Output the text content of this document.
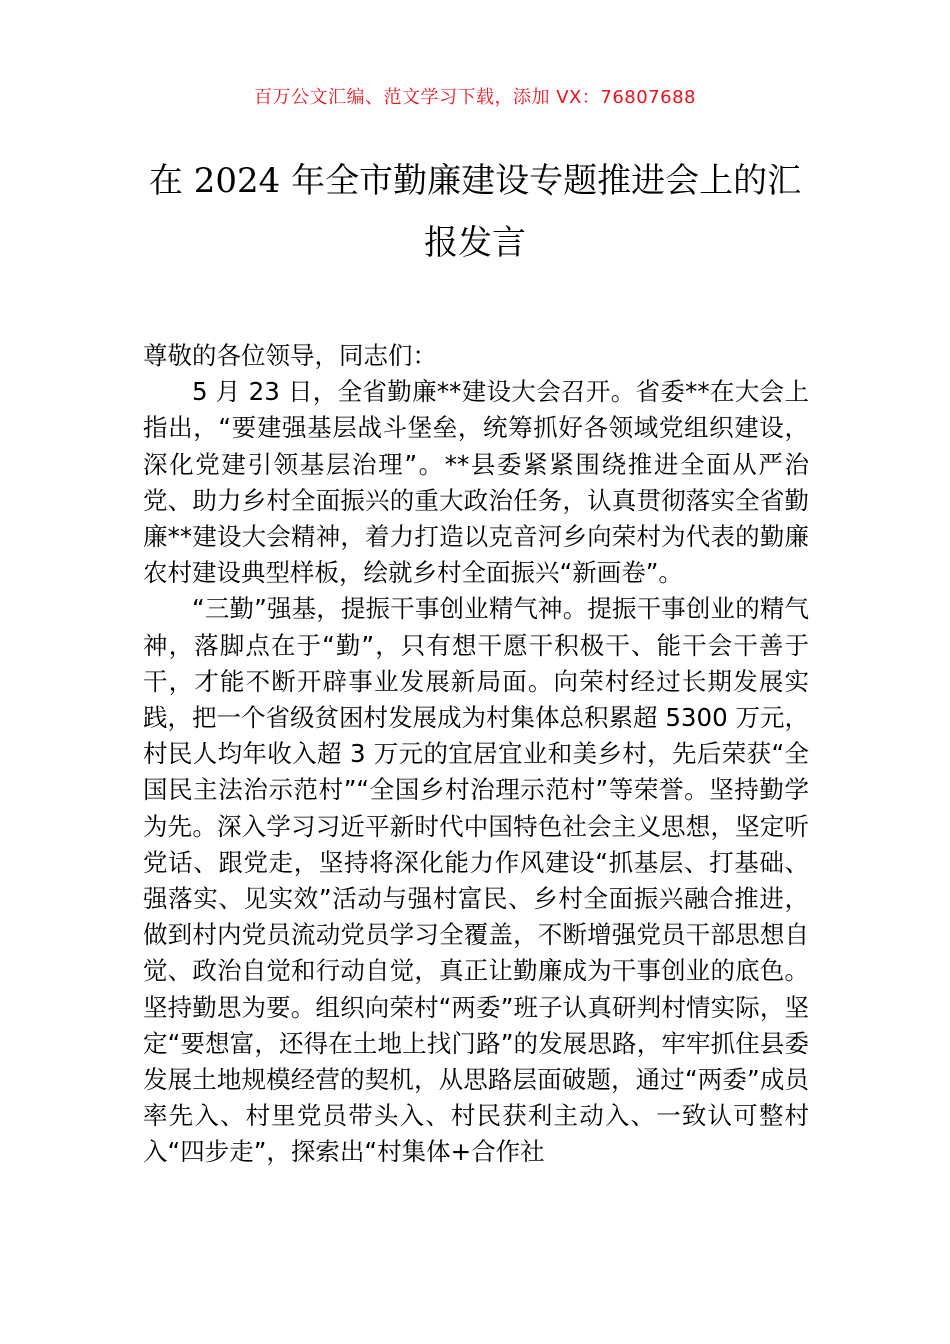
百万公文汇编、范文学习下载，添加 VX：76807688
在 2024 年全市勤廉建设专题推进会上的汇报发言

尊敬的各位领导，同志们：

5 月 23 日，全省勤廉**建设大会召开。省委**在大会上指出，“要建强基层战斗堡垒，统筹抓好各领域党组织建设，深化党建引领基层治理”。**县委紧紧围绕推进全面从严治党、助力乡村全面振兴的重大政治任务，认真贯彻落实全省勤廉**建设大会精神，着力打造以克音河乡向荣村为代表的勤廉农村建设典型样板，绘就乡村全面振兴“新画卷”。

“三勤”强基，提振干事创业精气神。提振干事创业的精气神，落脚点在于“勤”，只有想干愿干积极干、能干会干善于干，才能不断开辟事业发展新局面。向荣村经过长期发展实践，把一个省级贫困村发展成为村集体总积累超 5300 万元，村民人均年收入超 3 万元的宜居宜业和美乡村，先后荣获“全国民主法治示范村”“全国乡村治理示范村”等荣誉。坚持勤学为先。深入学习习近平新时代中国特色社会主义思想，坚定听党话、跟党走，坚持将深化能力作风建设“抓基层、打基础、强落实、见实效”活动与强村富民、乡村全面振兴融合推进，做到村内党员流动党员学习全覆盖，不断增强党员干部思想自觉、政治自觉和行动自觉，真正让勤廉成为干事创业的底色。坚持勤思为要。组织向荣村“两委”班子认真研判村情实际，坚定“要想富，还得在土地上找门路”的发展思路，牢牢抓住县委发展土地规模经营的契机，从思路层面破题，通过“两委”成员率先入、村里党员带头入、村民获利主动入、一致认可整村入“四步走”，探索出“村集体+合作社
